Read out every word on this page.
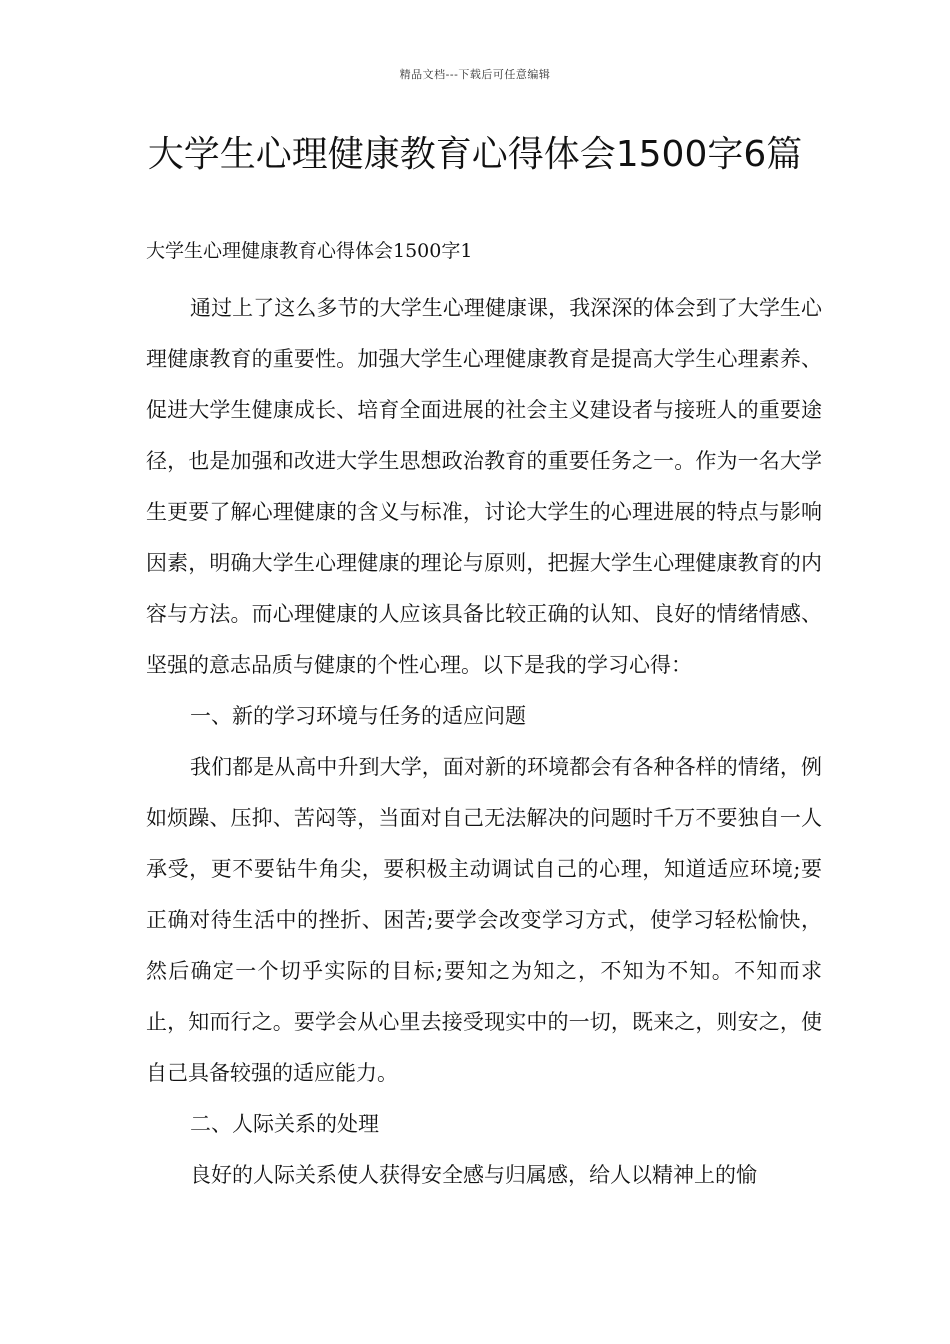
精品文档---下载后可任意编辑
大学生心理健康教育心得体会1500字6篇
大学生心理健康教育心得体会1500字1

通过上了这么多节的大学生心理健康课，我深深的体会到了大学生心理健康教育的重要性。加强大学生心理健康教育是提高大学生心理素养、促进大学生健康成长、培育全面进展的社会主义建设者与接班人的重要途径，也是加强和改进大学生思想政治教育的重要任务之一。作为一名大学生更要了解心理健康的含义与标准，讨论大学生的心理进展的特点与影响因素，明确大学生心理健康的理论与原则，把握大学生心理健康教育的内容与方法。而心理健康的人应该具备比较正确的认知、良好的情绪情感、坚强的意志品质与健康的个性心理。以下是我的学习心得：

一、新的学习环境与任务的适应问题

我们都是从高中升到大学，面对新的环境都会有各种各样的情绪，例如烦躁、压抑、苦闷等，当面对自己无法解决的问题时千万不要独自一人承受，更不要钻牛角尖，要积极主动调试自己的心理，知道适应环境;要正确对待生活中的挫折、困苦;要学会改变学习方式，使学习轻松愉快，然后确定一个切乎实际的目标;要知之为知之，不知为不知。不知而求止，知而行之。要学会从心里去接受现实中的一切，既来之，则安之，使自己具备较强的适应能力。

二、人际关系的处理

良好的人际关系使人获得安全感与归属感，给人以精神上的愉
